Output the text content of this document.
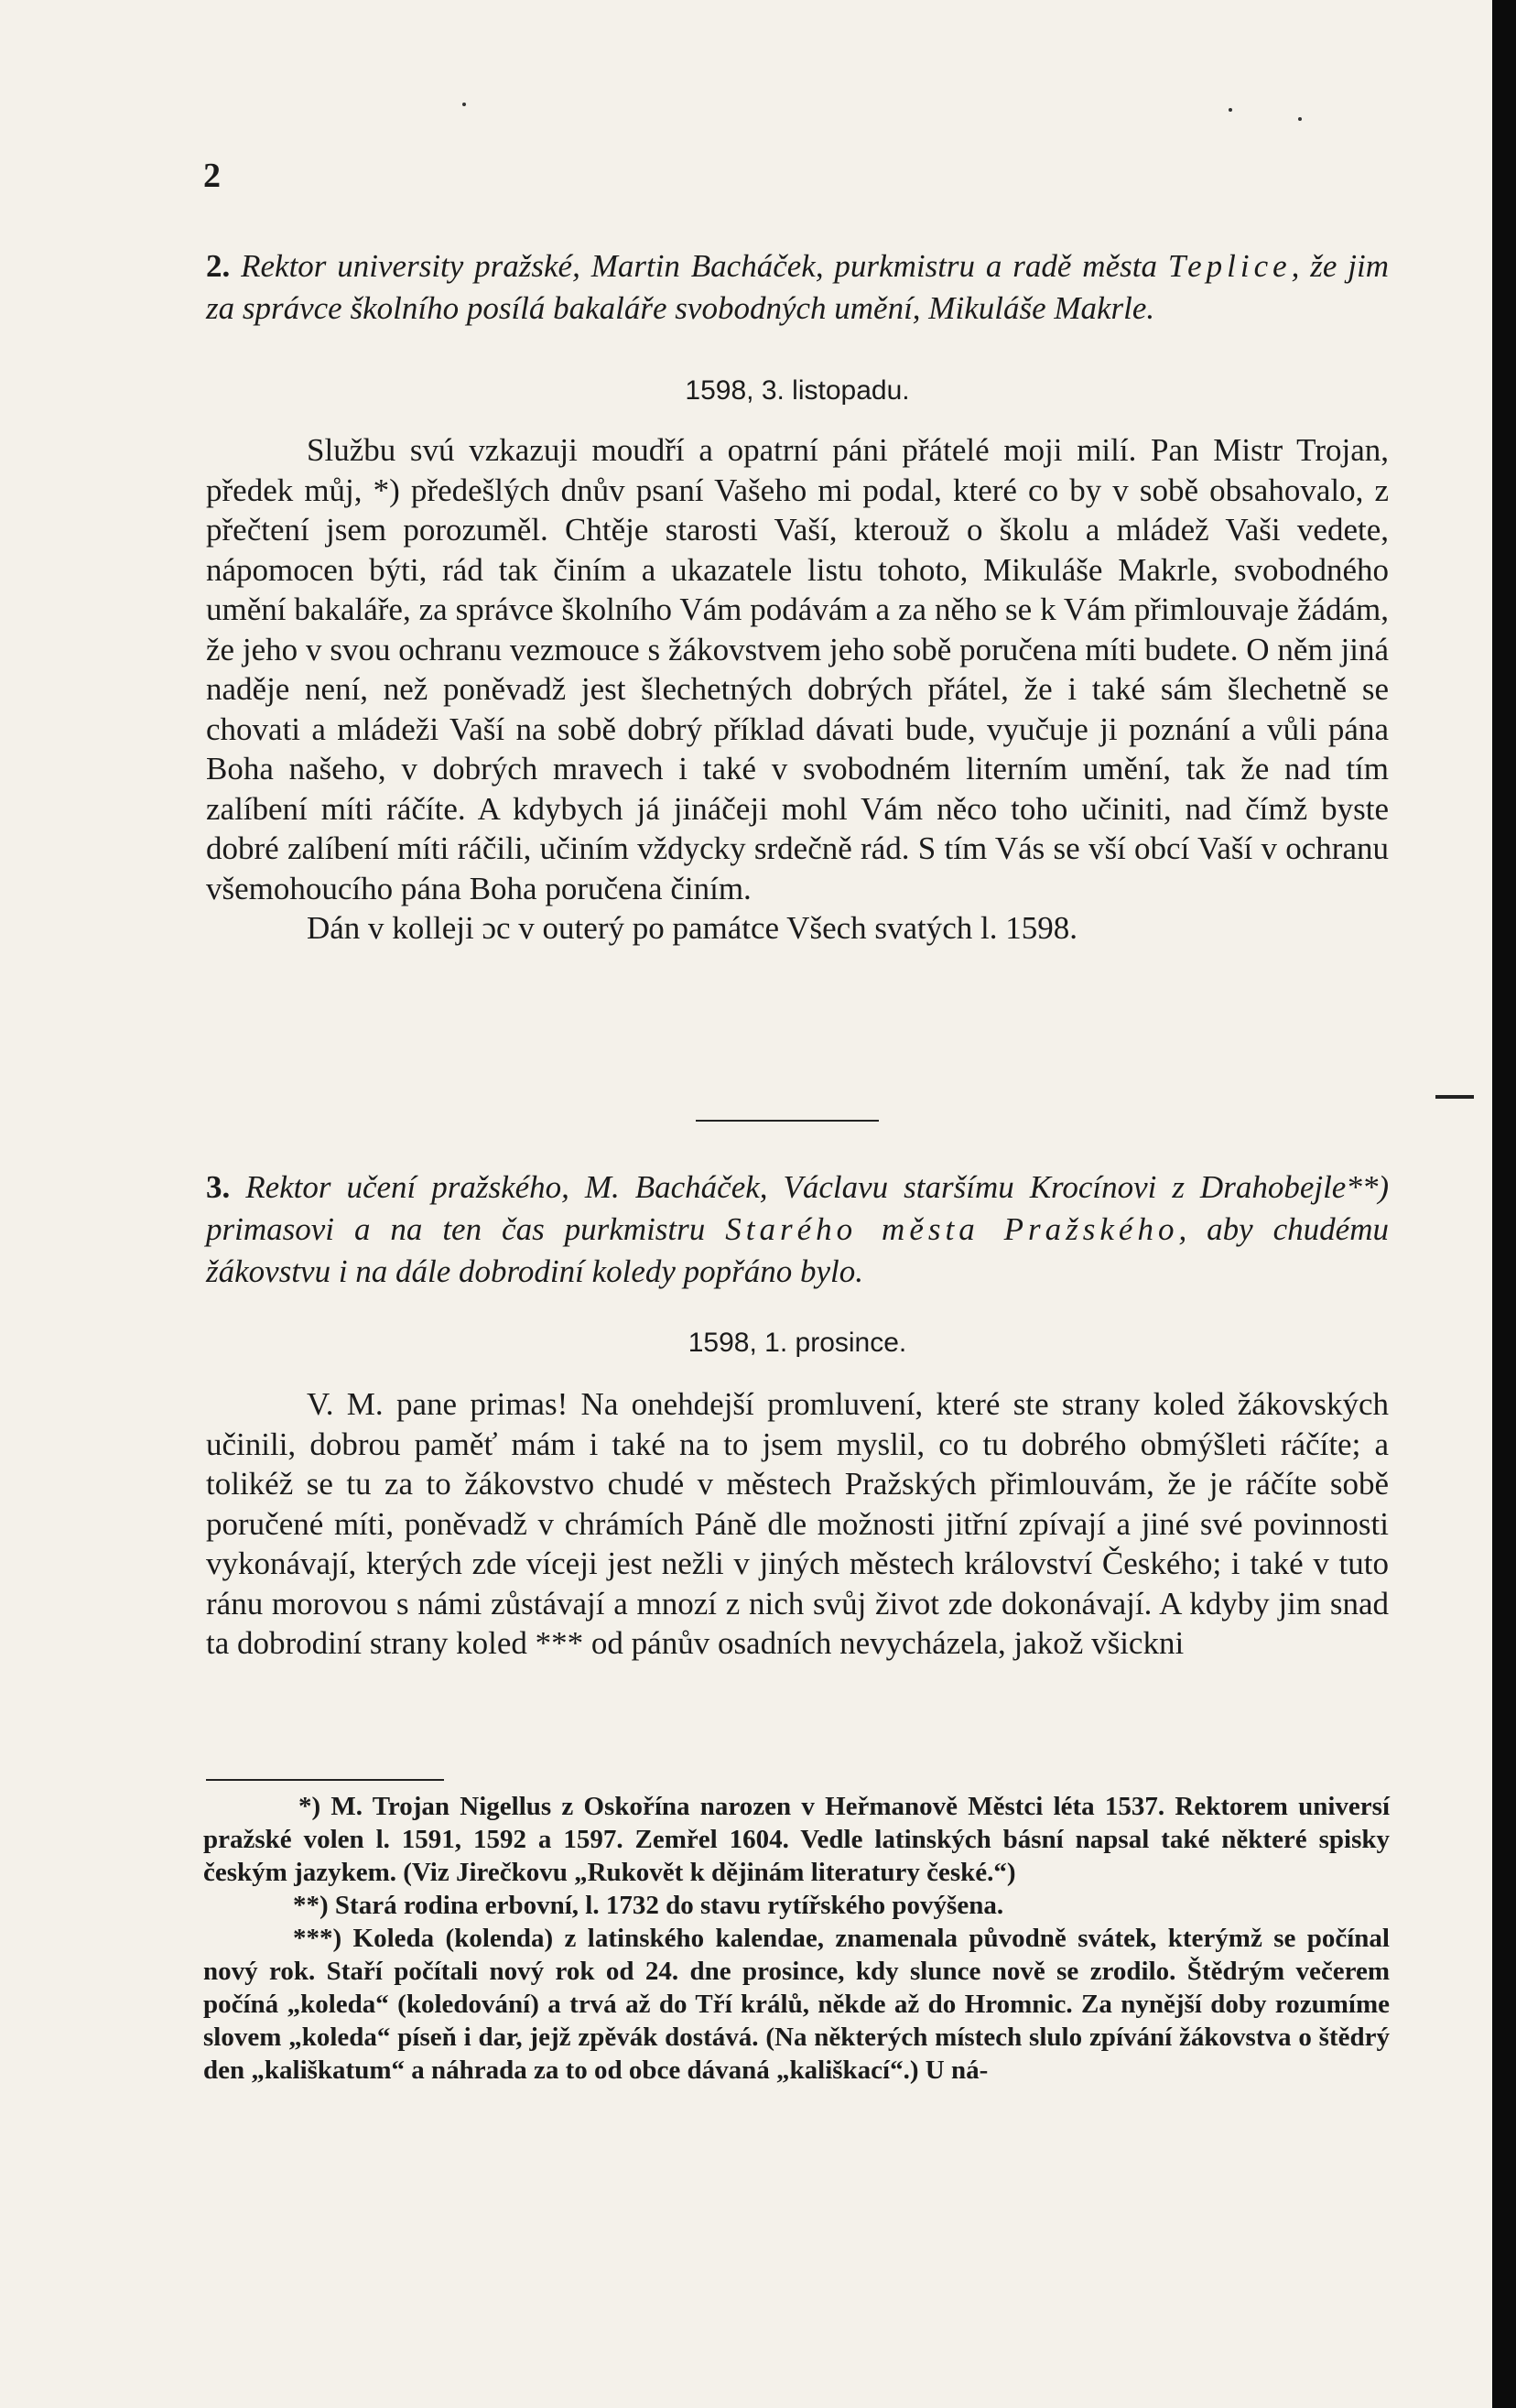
2
2. Rektor university pražské, Martin Bacháček, purkmistru a radě města Teplice, že jim za správce školního posílá bakaláře svobodných umění, Mikuláše Makrle.
1598, 3. listopadu.

Službu svú vzkazuji moudří a opatrní páni přátelé moji milí. Pan Mistr Trojan, předek můj, *) předešlých dnův psaní Vašeho mi podal, které co by v sobě obsahovalo, z přečtení jsem porozuměl. Chtěje starosti Vaší, kterouž o školu a mládež Vaši vedete, nápomocen býti, rád tak činím a ukazatele listu tohoto, Mikuláše Makrle, svobodného umění bakaláře, za správce školního Vám podávám a za něho se k Vám přimlouvaje žádám, že jeho v svou ochranu vezmouce s žákovstvem jeho sobě poručena míti budete. O něm jiná naděje není, než poněvadž jest šlechetných dobrých přátel, že i také sám šlechetně se chovati a mládeži Vaší na sobě dobrý příklad dávati bude, vyučuje ji poznání a vůli pána Boha našeho, v dobrých mravech i také v svobodném literním umění, tak že nad tím zalíbení míti ráčíte. A kdybych já jináčeji mohl Vám něco toho učiniti, nad čímž byste dobré zalíbení míti ráčili, učiním vždycky srdečně rád. S tím Vás se vší obcí Vaší v ochranu všemohoucího pána Boha poručena činím.

Dán v kolleji ɔc v outerý po památce Všech svatých l. 1598.

3. Rektor učení pražského, M. Bacháček, Václavu staršímu Krocínovi z Drahobejle**) primasovi a na ten čas purkmistru Starého města Pražského, aby chudému žákovstvu i na dále dobrodiní koledy popřáno bylo.
1598, 1. prosince.

V. M. pane primas! Na onehdejší promluvení, které ste strany koled žákovských učinili, dobrou paměť mám i také na to jsem myslil, co tu dobrého obmýšleti ráčíte; a tolikéž se tu za to žákovstvo chudé v městech Pražských přimlouvám, že je ráčíte sobě poručené míti, poněvadž v chrámích Páně dle možnosti jitřní zpívají a jiné své povinnosti vykonávají, kterých zde víceji jest nežli v jiných městech království Českého; i také v tuto ránu morovou s námi zůstávají a mnozí z nich svůj život zde dokonávají. A kdyby jim snad ta dobrodiní strany koled *** od pánův osadních nevycházela, jakož všickni

*) M. Trojan Nigellus z Oskořína narozen v Heřmanově Městci léta 1537. Rektorem universí pražské volen l. 1591, 1592 a 1597. Zemřel 1604. Vedle latinských básní napsal také některé spisky českým jazykem. (Viz Jirečkovu „Rukovět k dějinám literatury české.“)

**) Stará rodina erbovní, l. 1732 do stavu rytířského povýšena.

***) Koleda (kolenda) z latinského kalendae, znamenala původně svátek, kterýmž se počínal nový rok. Staří počítali nový rok od 24. dne prosince, kdy slunce nově se zrodilo. Štědrým večerem počíná „koleda“ (koledování) a trvá až do Tří králů, někde až do Hromnic. Za nynější doby rozumíme slovem „koleda“ píseň i dar, jejž zpěvák dostává. (Na některých místech slulo zpívání žákovstva o štědrý den „kališkatum“ a náhrada za to od obce dávaná „kališkací“.) U ná-
